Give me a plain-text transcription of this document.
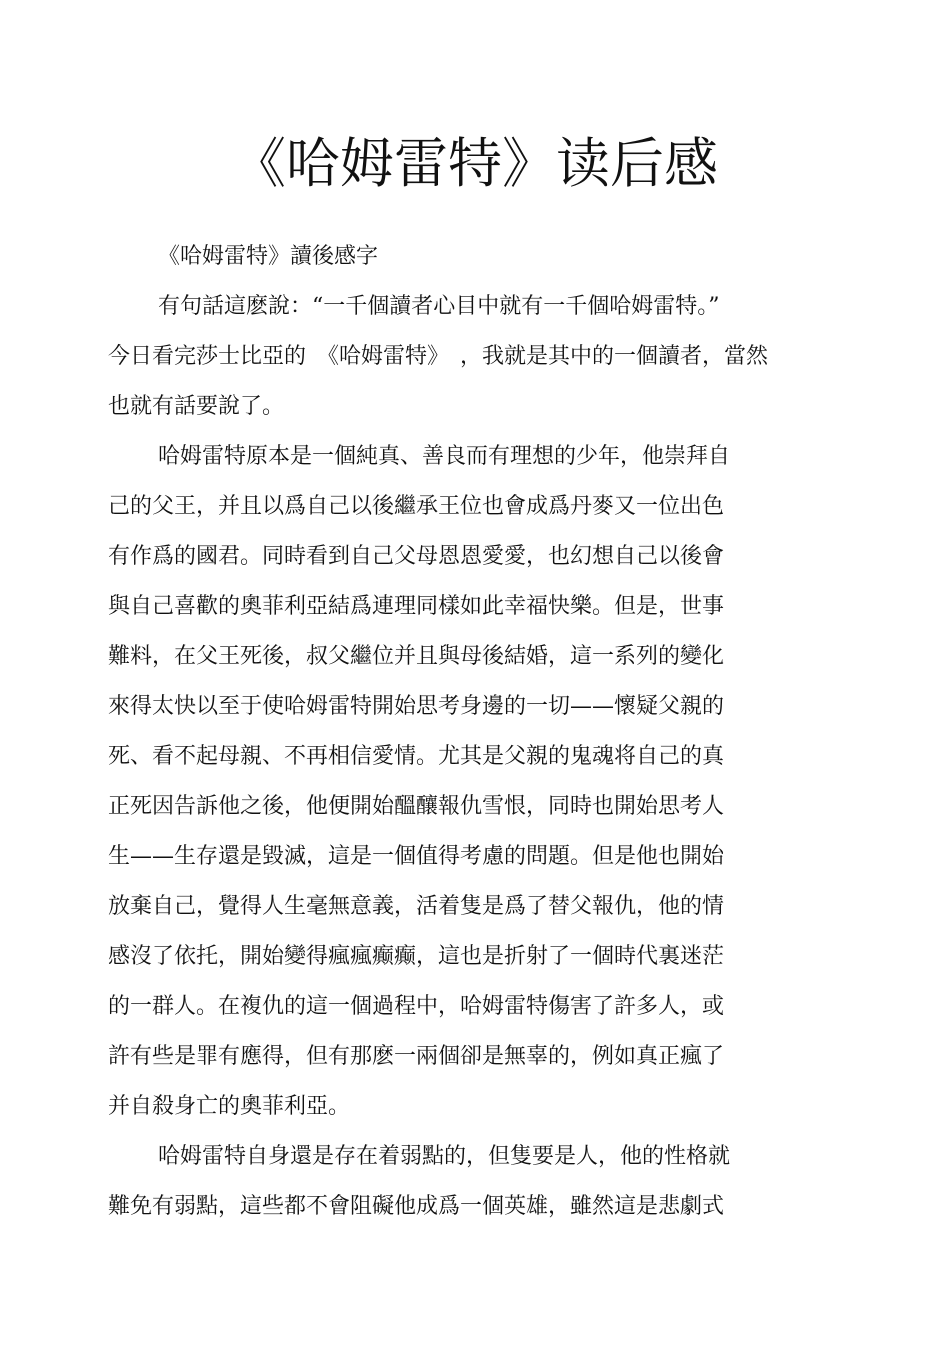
《哈姆雷特》读后感
《哈姆雷特》讀後感字
有句話這麽說：“一千個讀者心目中就有一千個哈姆雷特。”
今日看完莎士比亞的　《哈姆雷特》　，我就是其中的一個讀者，當然
也就有話要說了。
哈姆雷特原本是一個純真、善良而有理想的少年，他崇拜自
己的父王，并且以爲自己以後繼承王位也會成爲丹麥又一位出色
有作爲的國君。同時看到自己父母恩恩愛愛，也幻想自己以後會
與自己喜歡的奧菲利亞結爲連理同樣如此幸福快樂。但是，世事
難料，在父王死後，叔父繼位并且與母後結婚，這一系列的變化
來得太快以至于使哈姆雷特開始思考身邊的一切——懷疑父親的
死、看不起母親、不再相信愛情。尤其是父親的鬼魂将自己的真
正死因告訴他之後，他便開始醞釀報仇雪恨，同時也開始思考人
生——生存還是毀滅，這是一個值得考慮的問題。但是他也開始
放棄自己，覺得人生毫無意義，活着隻是爲了替父報仇，他的情
感沒了依托，開始變得瘋瘋癫癫，這也是折射了一個時代裏迷茫
的一群人。在複仇的這一個過程中，哈姆雷特傷害了許多人，或
許有些是罪有應得，但有那麽一兩個卻是無辜的，例如真正瘋了
并自殺身亡的奧菲利亞。
哈姆雷特自身還是存在着弱點的，但隻要是人，他的性格就
難免有弱點，這些都不會阻礙他成爲一個英雄，雖然這是悲劇式
